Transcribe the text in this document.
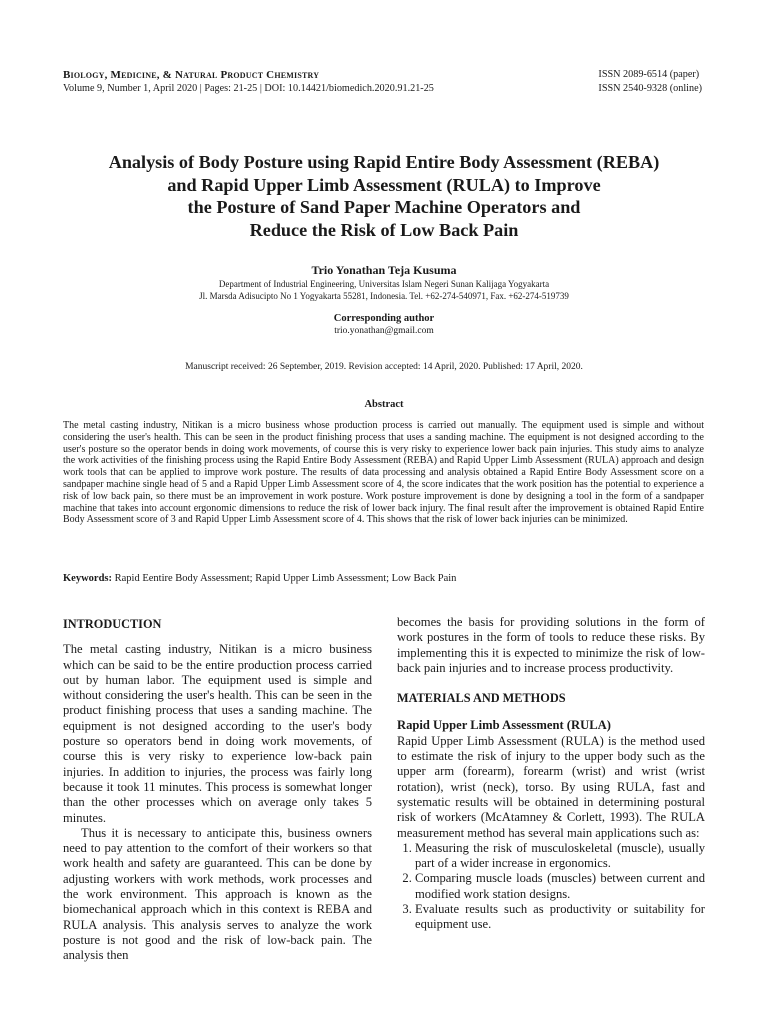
Biology, Medicine, & Natural Product Chemistry
Volume 9, Number 1, April 2020 | Pages: 21-25 | DOI: 10.14421/biomedich.2020.91.21-25
ISSN 2089-6514 (paper)
ISSN 2540-9328 (online)
Analysis of Body Posture using Rapid Entire Body Assessment (REBA)
and Rapid Upper Limb Assessment (RULA) to Improve
the Posture of Sand Paper Machine Operators and
Reduce the Risk of Low Back Pain
Trio Yonathan Teja Kusuma
Department of Industrial Engineering, Universitas Islam Negeri Sunan Kalijaga Yogyakarta
Jl. Marsda Adisucipto No 1 Yogyakarta 55281, Indonesia. Tel. +62-274-540971, Fax. +62-274-519739
Corresponding author
trio.yonathan@gmail.com
Manuscript received: 26 September, 2019. Revision accepted: 14 April, 2020. Published: 17 April, 2020.
Abstract
The metal casting industry, Nitikan is a micro business whose production process is carried out manually. The equipment used is simple and without considering the user's health. This can be seen in the product finishing process that uses a sanding machine. The equipment is not designed according to the user's posture so the operator bends in doing work movements, of course this is very risky to experience lower back pain injuries. This study aims to analyze the work activities of the finishing process using the Rapid Entire Body Assessment (REBA) and Rapid Upper Limb Assessment (RULA) approach and design work tools that can be applied to improve work posture. The results of data processing and analysis obtained a Rapid Entire Body Assessment score on a sandpaper machine single head of 5 and a Rapid Upper Limb Assessment score of 4, the score indicates that the work position has the potential to experience a risk of low back pain, so there must be an improvement in work posture. Work posture improvement is done by designing a tool in the form of a sandpaper machine that takes into account ergonomic dimensions to reduce the risk of lower back injury. The final result after the improvement is obtained Rapid Entire Body Assessment score of 3 and Rapid Upper Limb Assessment score of 4. This shows that the risk of lower back injuries can be minimized.
Keywords: Rapid Eentire Body Assessment; Rapid Upper Limb Assessment; Low Back Pain
INTRODUCTION

The metal casting industry, Nitikan is a micro business which can be said to be the entire production process carried out by human labor. The equipment used is simple and without considering the user's health. This can be seen in the product finishing process that uses a sanding machine. The equipment is not designed according to the user's body posture so operators bend in doing work movements, of course this is very risky to experience low-back pain injuries. In addition to injuries, the process was fairly long because it took 11 minutes. This process is somewhat longer than the other processes which on average only takes 5 minutes.

Thus it is necessary to anticipate this, business owners need to pay attention to the comfort of their workers so that work health and safety are guaranteed. This can be done by adjusting workers with work methods, work processes and the work environment. This approach is known as the biomechanical approach which in this context is REBA and RULA analysis. This analysis serves to analyze the work posture is not good and the risk of low-back pain. The analysis then

becomes the basis for providing solutions in the form of work postures in the form of tools to reduce these risks. By implementing this it is expected to minimize the risk of low-back pain injuries and to increase process productivity.

MATERIALS AND METHODS
Rapid Upper Limb Assessment (RULA)

Rapid Upper Limb Assessment (RULA) is the method used to estimate the risk of injury to the upper body such as the upper arm (forearm), forearm (wrist) and wrist (wrist rotation), wrist (neck), torso. By using RULA, fast and systematic results will be obtained in determining postural risk of workers (McAtamney & Corlett, 1993). The RULA measurement method has several main applications such as:

1. Measuring the risk of musculoskeletal (muscle), usually part of a wider increase in ergonomics.
2. Comparing muscle loads (muscles) between current and modified work station designs.
3. Evaluate results such as productivity or suitability for equipment use.
